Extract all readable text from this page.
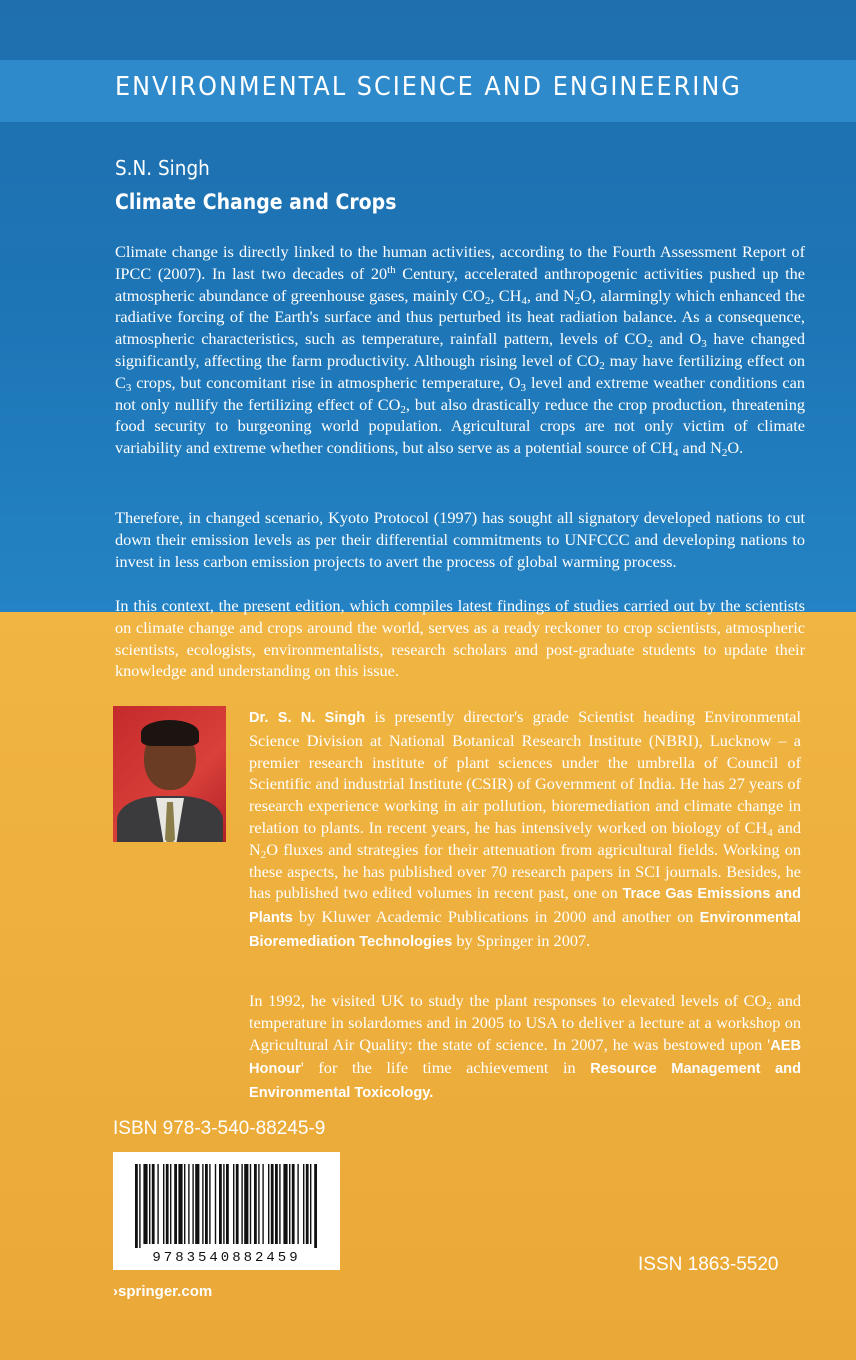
ENVIRONMENTAL SCIENCE AND ENGINEERING
S.N. Singh
Climate Change and Crops

Climate change is directly linked to the human activities, according to the Fourth Assessment Report of IPCC (2007). In last two decades of 20th Century, accelerated anthropogenic activities pushed up the atmospheric abundance of greenhouse gases, mainly $CO_2$, $CH_4$, and $N_2O$, alarmingly which enhanced the radiative forcing of the Earth's surface and thus perturbed its heat radiation balance. As a consequence, atmospheric characteristics, such as temperature, rainfall pattern, levels of $CO_2$ and $O_3$ have changed significantly, affecting the farm productivity. Although rising level of $CO_2$ may have fertilizing effect on $C_3$ crops, but concomitant rise in atmospheric temperature, $O_3$ level and extreme weather conditions can not only nullify the fertilizing effect of $CO_2$, but also drastically reduce the crop production, threatening food security to burgeoning world population. Agricultural crops are not only victim of climate variability and extreme whether conditions, but also serve as a potential source of $CH_4$ and $N_2O$.

Therefore, in changed scenario, Kyoto Protocol (1997) has sought all signatory developed nations to cut down their emission levels as per their differential commitments to UNFCCC and developing nations to invest in less carbon emission projects to avert the process of global warming process.

In this context, the present edition, which compiles latest findings of studies carried out by the scientists on climate change and crops around the world, serves as a ready reckoner to crop scientists, atmospheric scientists, ecologists, environmentalists, research scholars and post-graduate students to update their knowledge and understanding on this issue.

Dr. S. N. Singh is presently director's grade Scientist heading Environmental Science Division at National Botanical Research Institute (NBRI), Lucknow – a premier research institute of plant sciences under the umbrella of Council of Scientific and industrial Institute (CSIR) of Government of India. He has 27 years of research experience working in air pollution, bioremediation and climate change in relation to plants. In recent years, he has intensively worked on biology of $CH_4$ and $N_2O$ fluxes and strategies for their attenuation from agricultural fields. Working on these aspects, he has published over 70 research papers in SCI journals. Besides, he has published two edited volumes in recent past, one on Trace Gas Emissions and Plants by Kluwer Academic Publications in 2000 and another on Environmental Bioremediation Technologies by Springer in 2007.

In 1992, he visited UK to study the plant responses to elevated levels of $CO_2$ and temperature in solardomes and in 2005 to USA to deliver a lecture at a workshop on Agricultural Air Quality: the state of science. In 2007, he was bestowed upon 'AEB Honour' for the life time achievement in Resource Management and Environmental Toxicology.

ISBN 978-3-540-88245-9
9783540882459
›springer.com
ISSN 1863-5520
